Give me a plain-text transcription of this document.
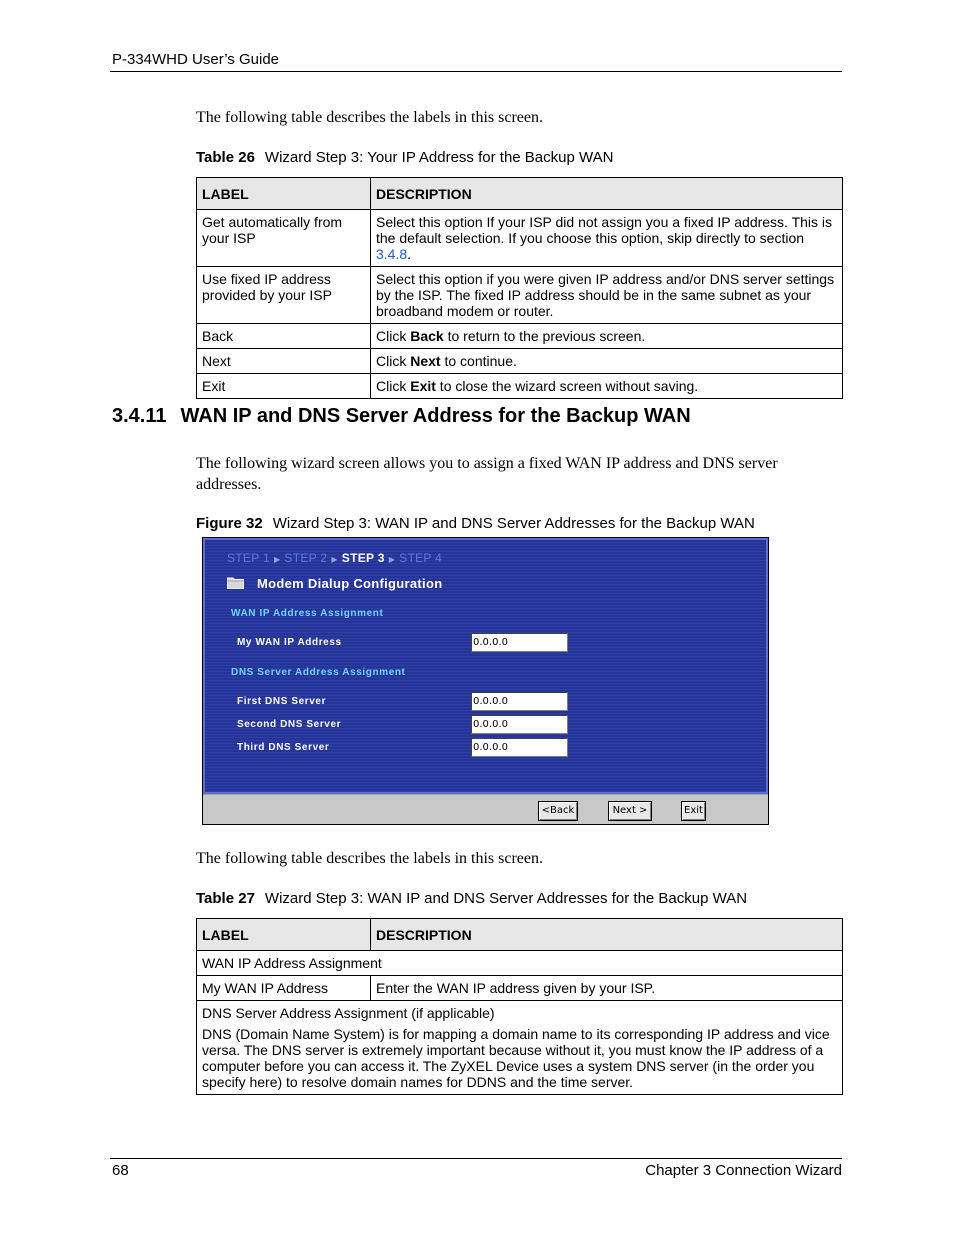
P-334WHD User’s Guide
The following table describes the labels in this screen.
Table 26 Wizard Step 3: Your IP Address for the Backup WAN
LABEL	DESCRIPTION
Get automatically from your ISP	Select this option If your ISP did not assign you a fixed IP address. This is the default selection. If you choose this option, skip directly to section 3.4.8.
Use fixed IP address provided by your ISP	Select this option if you were given IP address and/or DNS server settings by the ISP. The fixed IP address should be in the same subnet as your broadband modem or router.
Back	Click Back to return to the previous screen.
Next	Click Next to continue.
Exit	Click Exit to close the wizard screen without saving.
3.4.11 WAN IP and DNS Server Address for the Backup WAN
The following wizard screen allows you to assign a fixed WAN IP address and DNS server addresses.
Figure 32 Wizard Step 3: WAN IP and DNS Server Addresses for the Backup WAN
STEP 1 ▶ STEP 2 ▶ STEP 3 ▶ STEP 4
Modem Dialup Configuration
WAN IP Address Assignment
My WAN IP Address	0.0.0.0
DNS Server Address Assignment
First DNS Server	0.0.0.0
Second DNS Server	0.0.0.0
Third DNS Server	0.0.0.0
<Back	Next >	Exit
The following table describes the labels in this screen.
Table 27 Wizard Step 3: WAN IP and DNS Server Addresses for the Backup WAN
LABEL	DESCRIPTION
WAN IP Address Assignment	
My WAN IP Address	Enter the WAN IP address given by your ISP.

DNS Server Address Assignment (if applicable)
DNS (Domain Name System) is for mapping a domain name to its corresponding IP address and vice versa. The DNS server is extremely important because without it, you must know the IP address of a computer before you can access it. The ZyXEL Device uses a system DNS server (in the order you specify here) to resolve domain names for DDNS and the time server.	
68	Chapter 3 Connection Wizard
